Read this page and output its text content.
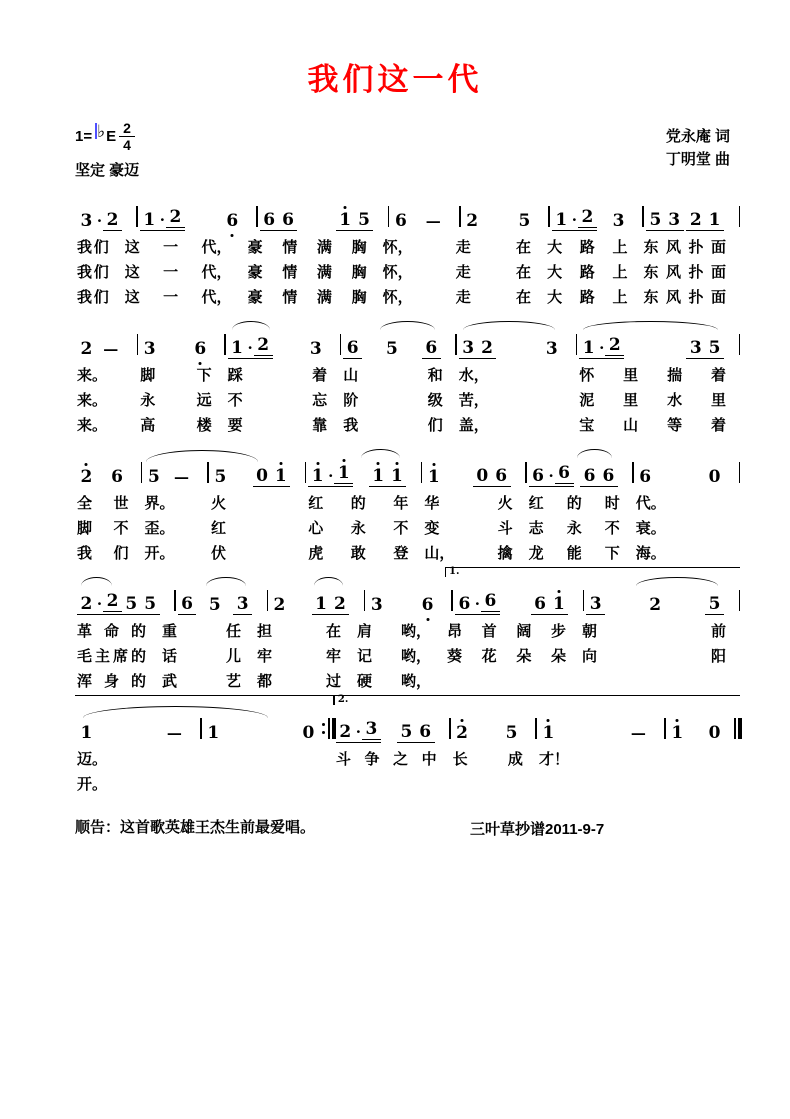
我们这一代
1= ♭ E $\frac{2}{4}$
坚定 豪迈
党永庵 词
丁明堂 曲
3 · 2 1 · 2	6 6 6	1 5 6 — 2 5 1 · 2 3 5 3 2 1
我 们 这 一 代， 豪 情 满 胸 怀，	走	在 大 路 上 东 风 扑 面
我 们 这 一 代， 豪 情 满 胸 怀，	走	在 大 路 上 东 风 扑 面
我 们 这 一 代， 豪 情 满 胸 怀，	走	在 大 路 上 东 风 扑 面
2 — 3 6 1 · 2 3 6 5 6 3 2	3 1 · 2	3 5
来。 脚	下 踩	着 山	和 水，	怀 里 揣 着
来。 永	远 不	忘 阶	级 苦，	泥 里 水 里
来。 高	楼 要	靠 我	们 盖，	宝 山 等 着
2 6 5 — 5 0 1 1 · 1 1 1 1 0 6 6 · 6 6 6 6	0
全 世 界。 火	红 的 年 华	火 红 的 时 代。
脚 不 歪。 红	心 永 不 变	斗 志 永 不 衰。
我 们 开。 伏	虎 敢 登 山，	擒 龙 能 下 海。
2 · 2 5 5 6 5 3 2 1 2 3 6 6 · 6 6 1 3	2	5
1.
革 命 的 重	任 担	在 肩 哟， 昂 首 阔 步 朝	前
毛 主 席 的 话	儿 牢	牢 记 哟， 葵 花 朵 朵 向	阳
浑 身 的 武	艺 都	过 硬 哟，
1	— 1	0 2 · 3 5 6 2 5 1	— 1 0
2.
迈。	斗 争 之 中 长	成 才！
开。
顺告：这首歌英雄王杰生前最爱唱。	三叶草抄谱2011-9-7
